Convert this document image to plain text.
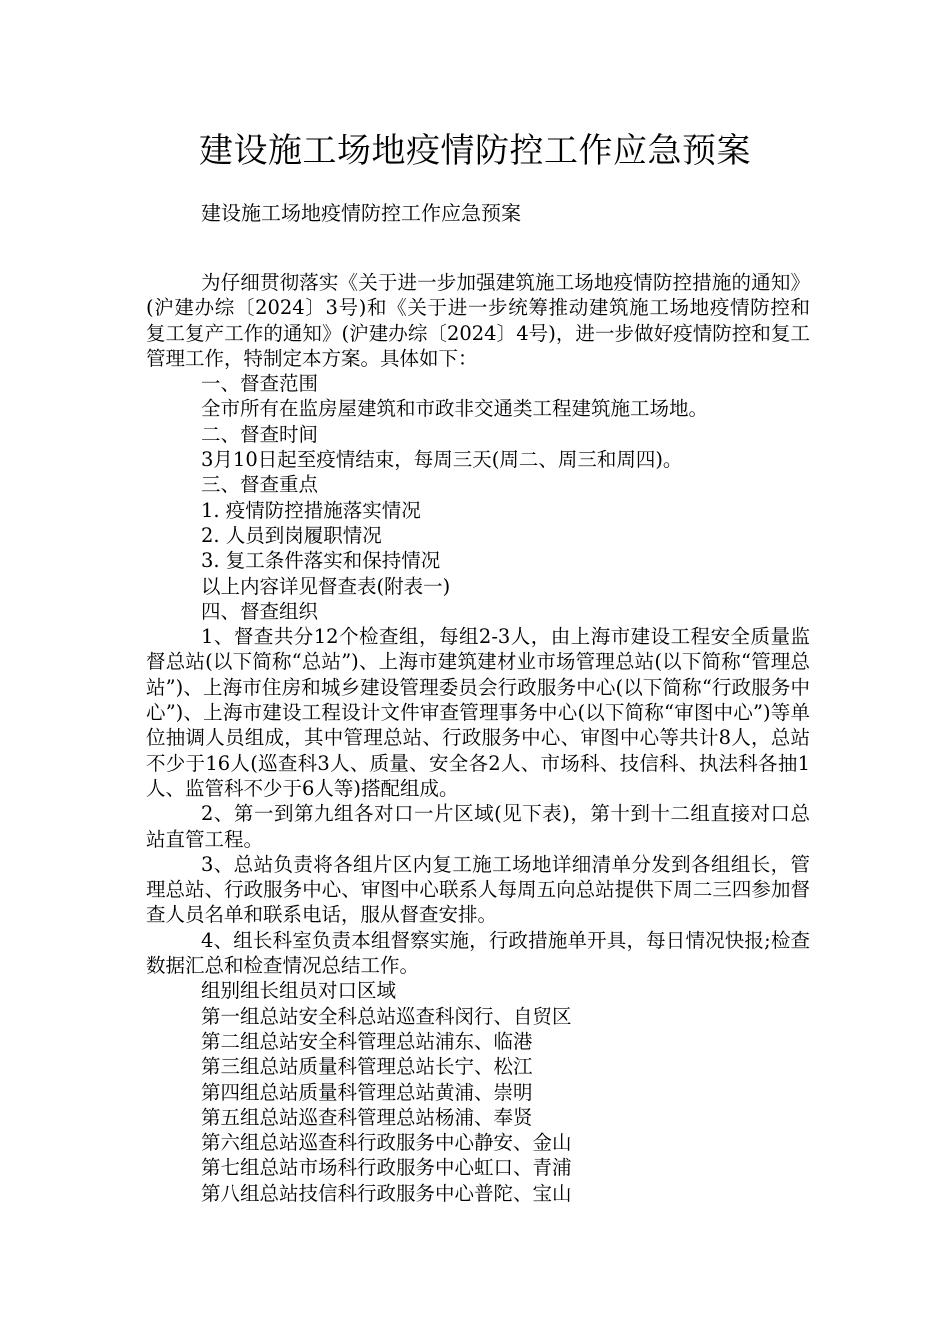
建设施工场地疫情防控工作应急预案
建设施工场地疫情防控工作应急预案

为仔细贯彻落实《关于进一步加强建筑施工场地疫情防控措施的通知》(沪建办综〔2024〕3号)和《关于进一步统筹推动建筑施工场地疫情防控和 复工复产工作的通知》(沪建办综〔2024〕4号)，进一步做好疫情防控和复工管理工作，特制定本方案。具体如下：

一、督查范围

全市所有在监房屋建筑和市政非交通类工程建筑施工场地。

二、督查时间

3月10日起至疫情结束，每周三天(周二、周三和周四)。

三、督查重点

1. 疫情防控措施落实情况

2. 人员到岗履职情况

3. 复工条件落实和保持情况

以上内容详见督查表(附表一)

四、督查组织

1、督查共分12个检查组，每组2-3人，由上海市建设工程安全质量监督总站(以下简称“总站”)、上海市建筑建材业市场管理总站(以下简称“管理总站”)、上海市住房和城乡建设管理委员会行政服务中心(以下简称“行政服务中心”)、上海市建设工程设计文件审查管理事务中心(以下简称“审图中心”)等单位抽调人员组成，其中管理总站、行政服务中心、审图中心等共计8人，总站不少于16人(巡查科3人、质量、安全各2人、市场科、技信科、执法科各抽1人、监管科不少于6人等)搭配组成。

2、第一到第九组各对口一片区域(见下表)，第十到十二组直接对口总站直管工程。

3、总站负责将各组片区内复工施工场地详细清单分发到各组组长，管理总站、行政服务中心、审图中心联系人每周五向总站提供下周二三四参加督查人员名单和联系电话，服从督查安排。

4、组长科室负责本组督察实施，行政措施单开具，每日情况快报;检查数据汇总和检查情况总结工作。

组别组长组员对口区域

第一组总站安全科总站巡查科闵行、自贸区

第二组总站安全科管理总站浦东、临港

第三组总站质量科管理总站长宁、松江

第四组总站质量科管理总站黄浦、崇明

第五组总站巡查科管理总站杨浦、奉贤

第六组总站巡查科行政服务中心静安、金山

第七组总站市场科行政服务中心虹口、青浦

第八组总站技信科行政服务中心普陀、宝山
